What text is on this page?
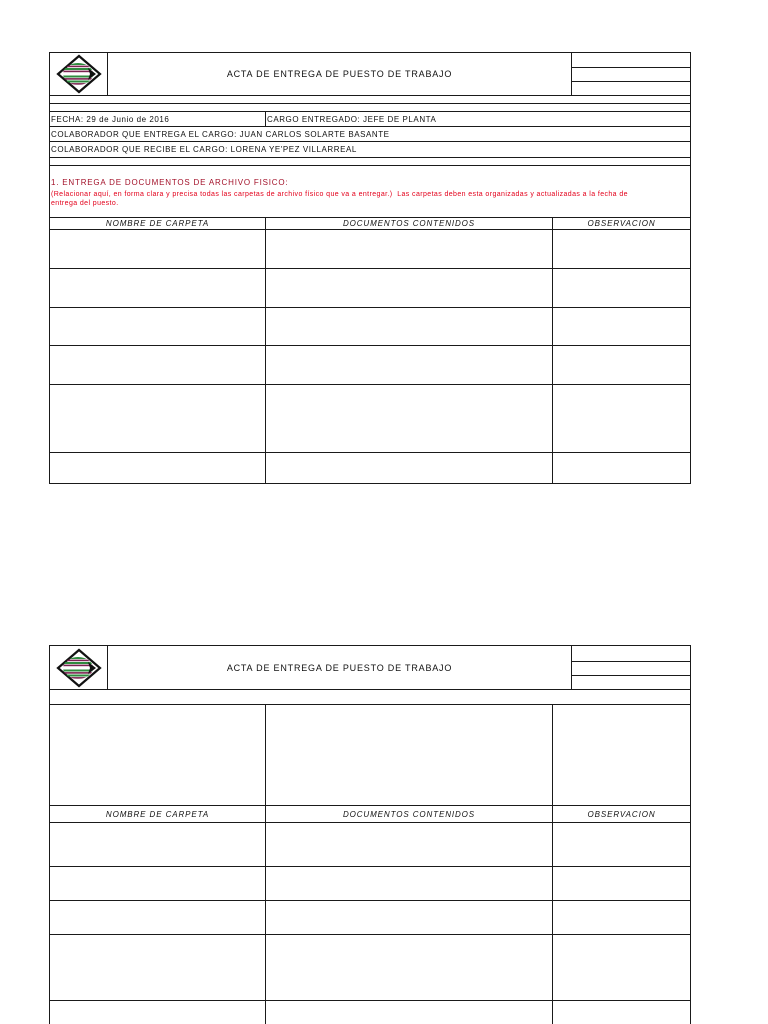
ACTA DE ENTREGA DE PUESTO DE TRABAJO
FECHA: 29 de Junio de 2016	CARGO ENTREGADO: JEFE DE PLANTA
COLABORADOR QUE ENTREGA EL CARGO: JUAN CARLOS SOLARTE BASANTE
COLABORADOR QUE RECIBE EL CARGO: LORENA YE'PEZ VILLARREAL
1. ENTREGA DE DOCUMENTOS DE ARCHIVO FISICO:
(Relacionar aquí, en forma clara y precisa todas las carpetas de archivo físico que va a entregar.)  Las carpetas deben esta organizadas y actualizadas a la fecha de
entrega del puesto.
NOMBRE DE CARPETA	DOCUMENTOS CONTENIDOS	OBSERVACION
ACTA DE ENTREGA DE PUESTO DE TRABAJO
NOMBRE DE CARPETA	DOCUMENTOS CONTENIDOS	OBSERVACION
